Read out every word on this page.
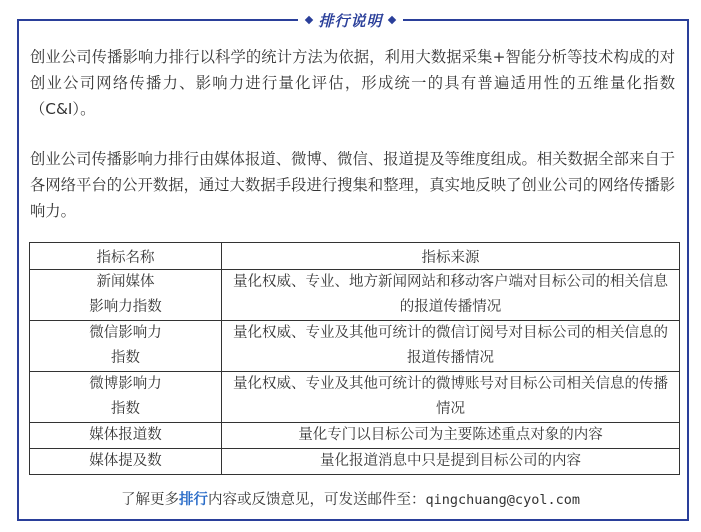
排行说明

创业公司传播影响力排行以科学的统计方法为依据，利用大数据采集+智能分析等技术构成的对创业公司网络传播力、影响力进行量化评估，形成统一的具有普遍适用性的五维量化指数（C&I）。

创业公司传播影响力排行由媒体报道、微博、微信、报道提及等维度组成。相关数据全部来自于各网络平台的公开数据，通过大数据手段进行搜集和整理，真实地反映了创业公司的网络传播影响力。

指标名称	指标来源

新闻媒体
影响力指数	量化权威、专业、地方新闻网站和移动客户端对目标公司的相关信息的报道传播情况

微信影响力
指数	量化权威、专业及其他可统计的微信订阅号对目标公司的相关信息的报道传播情况

微博影响力
指数	量化权威、专业及其他可统计的微博账号对目标公司相关信息的传播情况
媒体报道数	量化专门以目标公司为主要陈述重点对象的内容
媒体提及数	量化报道消息中只是提到目标公司的内容
了解更多排行内容或反馈意见，可发送邮件至：qingchuang@cyol.com
